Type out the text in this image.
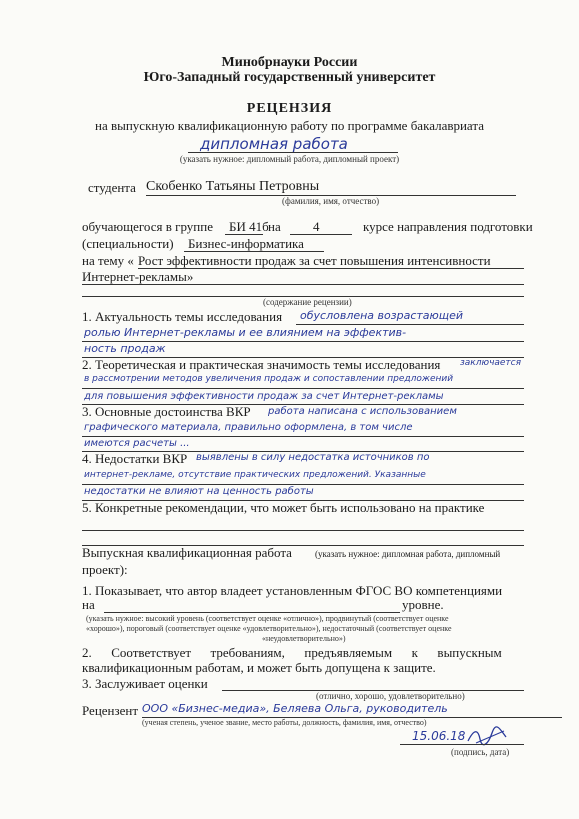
Минобрнауки России
Юго-Западный государственный университет
РЕЦЕНЗИЯ
на выпускную квалификационную работу по программе бакалавриата
дипломная работа
(указать нужное: дипломный работа, дипломный проект)
студента Скобенко Татьяны Петровны
(фамилия, имя, отчество)
обучающегося в группе БИ 41б на 4	курсе направления подготовки
(специальности) Бизнес-информатика
на тему « Рост эффективности продаж за счет повышения интенсивности
Интернет-рекламы»
(содержание рецензии)
1. Актуальность темы исследования обусловлена возрастающей
ролью Интернет-рекламы и ее влиянием на эффектив-
ность продаж
2. Теоретическая и практическая значимость темы исследования заключается
в рассмотрении методов увеличения продаж и сопоставлении предложений
для повышения эффективности продаж за счет Интернет-рекламы
3. Основные достоинства ВКР работа написана с использованием
графического материала, правильно оформлена, в том числе
имеются расчеты ...
4. Недостатки ВКР выявлены в силу недостатка источников по
интернет-рекламе, отсутствие практических предложений. Указанные
недостатки не влияют на ценность работы
5. Конкретные рекомендации, что может быть использовано на практике
Выпускная квалификационная работа	(указать нужное: дипломная работа, дипломный
проект):
1. Показывает, что автор владеет установленным ФГОС ВО компетенциями
на	уровне.
(указать нужное: высокий уровень (соответствует оценке «отлично»), продвинутый (соответствует оценке
«хорошо»), пороговый (соответствует оценке «удовлетворительно»), недостаточный (соответствует оценке
«неудовлетворительно»)
2.      Соответствует      требованиям,      предъявляемым      к      выпускным
квалификационным работам, и может быть допущена к защите.
3. Заслуживает оценки
(отлично, хорошо, удовлетворительно)
Рецензент ООО «Бизнес-медиа», Беляева Ольга, руководитель
(ученая степень, ученое звание, место работы, должность, фамилия, имя, отчество)
15.06.18
(подпись, дата)
